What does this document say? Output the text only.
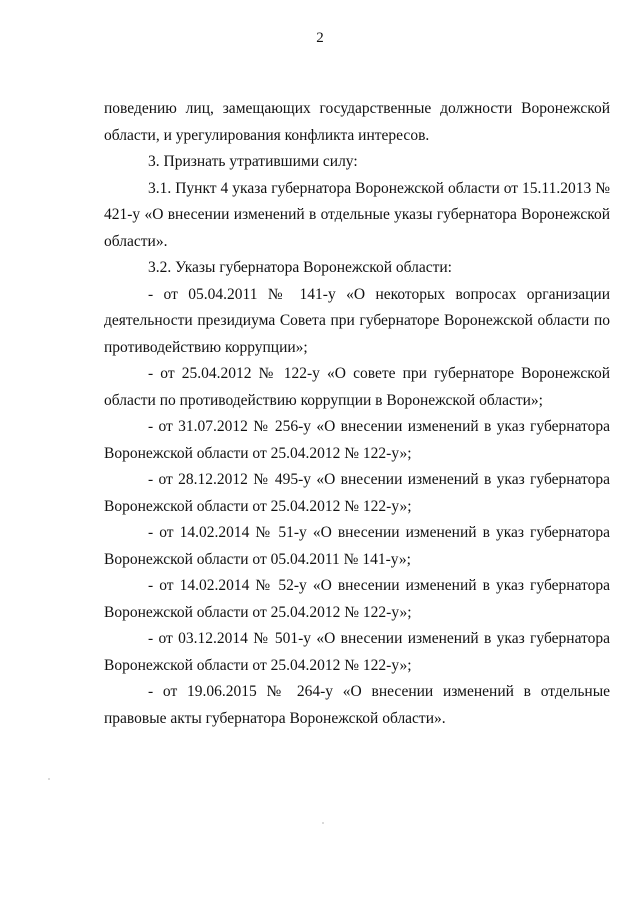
2

поведению лиц, замещающих государственные должности Воронежской области, и урегулирования конфликта интересов.

3. Признать утратившими силу:

3.1. Пункт 4 указа губернатора Воронежской области от 15.11.2013 № 421-у «О внесении изменений в отдельные указы губернатора Воронежской области».

3.2. Указы губернатора Воронежской области:

- от 05.04.2011 № 141-у «О некоторых вопросах организации деятельности президиума Совета при губернаторе Воронежской области по противодействию коррупции»;

- от 25.04.2012 № 122-у «О совете при губернаторе Воронежской области по противодействию коррупции в Воронежской области»;

- от 31.07.2012 № 256-у «О внесении изменений в указ губернатора Воронежской области от 25.04.2012 № 122-у»;

- от 28.12.2012 № 495-у «О внесении изменений в указ губернатора Воронежской области от 25.04.2012 № 122-у»;

- от 14.02.2014 № 51-у «О внесении изменений в указ губернатора Воронежской области от 05.04.2011 № 141-у»;

- от 14.02.2014 № 52-у «О внесении изменений в указ губернатора Воронежской области от 25.04.2012 № 122-у»;

- от 03.12.2014 № 501-у «О внесении изменений в указ губернатора Воронежской области от 25.04.2012 № 122-у»;

- от 19.06.2015 № 264-у «О внесении изменений в отдельные правовые акты губернатора Воронежской области».
